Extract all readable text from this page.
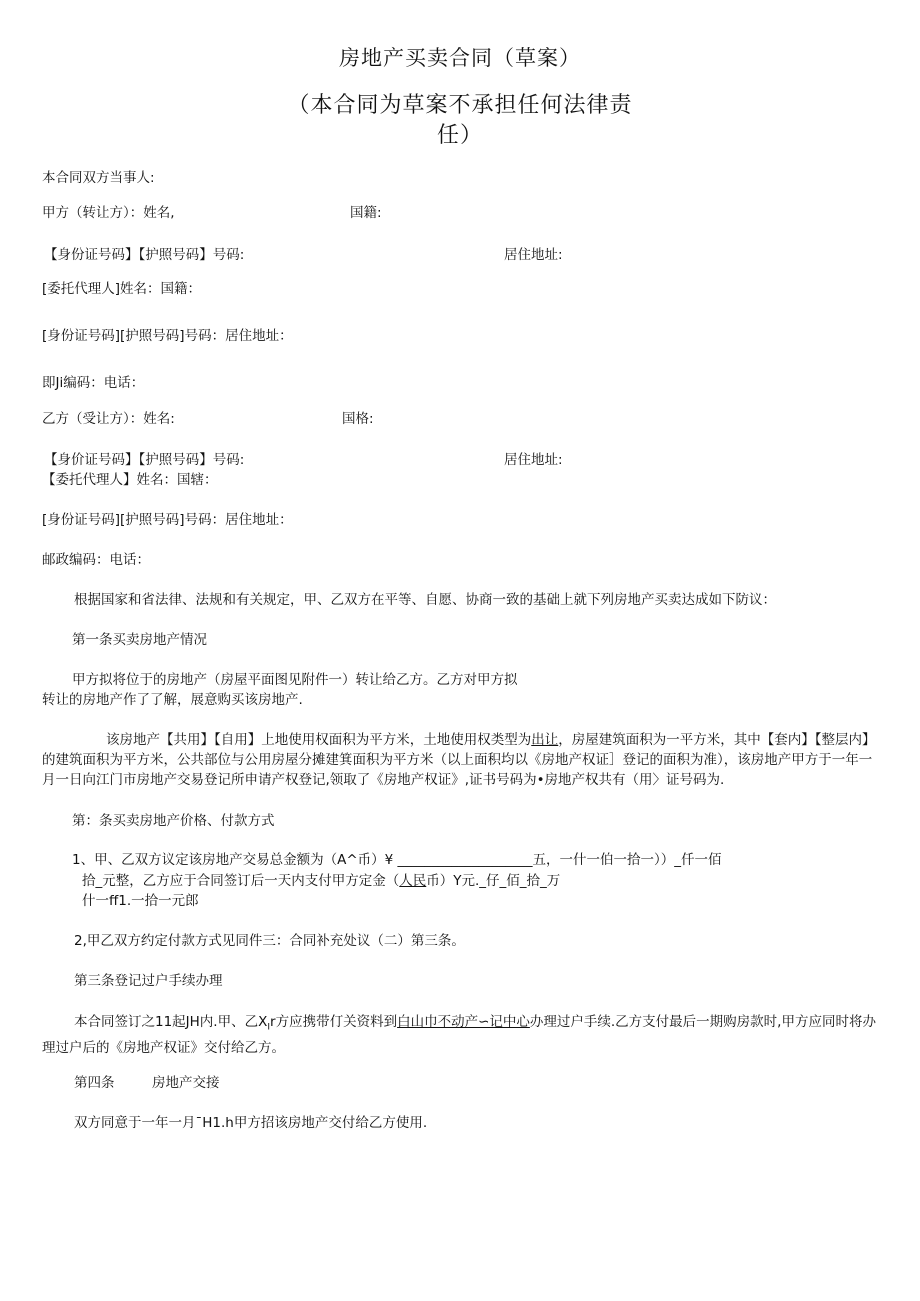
房地产买卖合同（草案）
（本合同为草案不承担任何法律责任）
本合同双方当事人:
甲方（转让方）：姓名,	国籍:
【身份证号码】【护照号码】号码:	居住地址:
[委托代理人]姓名：国籍：
[身份证号码][护照号码]号码：居住地址：
即Ji编码：电话：
乙方（受让方）：姓名:	国格:
【身价证号码】【护照号码】号码:	居住地址:
【委托代理人】姓名：国辖：
[身份证号码][护照号码]号码：居住地址：
邮政编码：电话：
根据国家和省法律、法规和有关规定，甲、乙双方在平等、自愿、协商一致的基础上就下列房地产买卖达成如下防议：
第一条买卖房地产情况
甲方拟将位于的房地产（房屋平面图见附件一）转让给乙方。乙方对甲方拟
转让的房地产作了了解，展意购买该房地产.
该房地产【共用】【自用】上地使用权面积为平方米，土地使用权类型为出让，房屋建筑面积为一平方米，其中【套内】【整层内】的建筑面积为平方米，公共部位与公用房屋分摊建箕面积为平方米（以上面积均以《房地产权证］登记的面积为准），该房地产甲方于一年一月一日向江门市房地产交易登记所申请产权登记,领取了《房地产权证》,证书号码为•房地产权共有（用〉证号码为.
第：条买卖房地产价格、付款方式
1、甲、乙双方议定该房地产交易总金额为（A^币）¥ ____________________五，一什一伯一拾一））_仟一佰
拾_元整，乙方应于合同签订后一天内支付甲方定金（人民币）Y元._仔_佰_拾_万
什一ff1.一拾一元郎
2,甲乙双方约定付款方式见同件三：合同补充处议（二）第三条。
第三条登记过户手续办理
本合同签订之11起JH内.甲、乙$X_Ir$方应携带仃关资料到白山巾不动产∽记中心办理过户手续.乙方支付最后一期购房款时,甲方应同时将办理过户后的《房地产权证》交付给乙方。
第四条	房地产交接
双方同意于一年一月¯H1.h甲方招该房地产交付给乙方使用.
